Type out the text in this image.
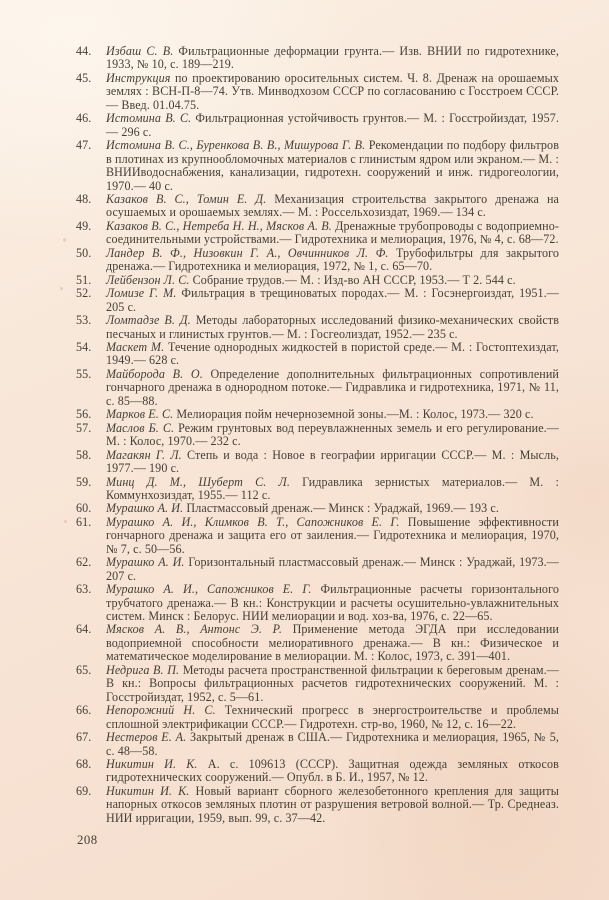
44. Избаш С. В. Фильтрационные деформации грунта.— Изв. ВНИИ по гидротехнике, 1933, № 10, с. 189—219.

45. Инструкция по проектированию оросительных систем. Ч. 8. Дренаж на орошаемых землях : ВСН-П-8—74. Утв. Минводхозом СССР по согласованию с Госстроем СССР.— Введ. 01.04.75.

46. Истомина В. С. Фильтрационная устойчивость грунтов.— М. : Госстройиздат, 1957.— 296 с.

47. Истомина В. С., Буренкова В. В., Мишурова Г. В. Рекомендации по подбору фильтров в плотинах из крупнообломочных материалов с глинистым ядром или экраном.— М. : ВНИИводоснабжения, канализации, гидротехн. сооружений и инж. гидрогеологии, 1970.— 40 с.

48. Казаков В. С., Томин Е. Д. Механизация строительства закрытого дренажа на осушаемых и орошаемых землях.— М. : Россельхозиздат, 1969.— 134 с.

49. Казаков В. С., Нетреба Н. Н., Мясков А. В. Дренажные трубопроводы с водоприемно-соединительными устройствами.— Гидротехника и мелиорация, 1976, № 4, с. 68—72.

50. Ландер В. Ф., Низовкин Г. А., Овчинников Л. Ф. Трубофильтры для закрытого дренажа.— Гидротехника и мелиорация, 1972, № 1, с. 65—70.

51. Лейбензон Л. С. Собрание трудов.— М. : Изд-во АН СССР, 1953.— Т 2. 544 с.

52. Ломизе Г. М. Фильтрация в трещиноватых породах.— М. : Госэнергоиздат, 1951.— 205 с.

53. Ломтадзе В. Д. Методы лабораторных исследований физико-механических свойств песчаных и глинистых грунтов.— М. : Госгеолиздат, 1952.— 235 с.

54. Маскет М. Течение однородных жидкостей в пористой среде.— М. : Гостоптехиздат, 1949.— 628 с.

55. Майборода В. О. Определение дополнительных фильтрационных сопротивлений гончарного дренажа в однородном потоке.— Гидравлика и гидротехника, 1971, № 11, с. 85—88.

56. Марков Е. С. Мелиорация пойм нечерноземной зоны.—М. : Колос, 1973.— 320 с.

57. Маслов Б. С. Режим грунтовых вод переувлажненных земель и его регулирование.— М. : Колос, 1970.— 232 с.

58. Магакян Г. Л. Степь и вода : Новое в географии ирригации СССР.— М. : Мысль, 1977.— 190 с.

59. Минц Д. М., Шуберт С. Л. Гидравлика зернистых материалов.— М. : Коммунхозиздат, 1955.— 112 с.

60. Мурашко А. И. Пластмассовый дренаж.— Минск : Ураджай, 1969.— 193 с.

61. Мурашко А. И., Климков В. Т., Сапожников Е. Г. Повышение эффективности гончарного дренажа и защита его от заиления.— Гидротехника и мелиорация, 1970, № 7, с. 50—56.

62. Мурашко А. И. Горизонтальный пластмассовый дренаж.— Минск : Ураджай, 1973.— 207 с.

63. Мурашко А. И., Сапожников Е. Г. Фильтрационные расчеты горизонтального трубчатого дренажа.— В кн.: Конструкции и расчеты осушительно-увлажнительных систем. Минск : Белорус. НИИ мелиорации и вод. хоз-ва, 1976, с. 22—65.

64. Мясков А. В., Антонс Э. Р. Применение метода ЭГДА при исследовании водоприемной способности мелиоративного дренажа.— В кн.: Физическое и математическое моделирование в мелиорации. М. : Колос, 1973, с. 391—401.

65. Недрига В. П. Методы расчета пространственной фильтрации к береговым дренам.— В кн.: Вопросы фильтрационных расчетов гидротехнических сооружений. М. : Госстройиздат, 1952, с. 5—61.

66. Непорожний Н. С. Технический прогресс в энергостроительстве и проблемы сплошной электрификации СССР.— Гидротехн. стр-во, 1960, № 12, с. 16—22.

67. Нестеров Е. А. Закрытый дренаж в США.— Гидротехника и мелиорация, 1965, № 5, с. 48—58.

68. Никитин И. К. А. с. 109613 (СССР). Защитная одежда земляных откосов гидротехнических сооружений.— Опубл. в Б. И., 1957, № 12.

69. Никитин И. К. Новый вариант сборного железобетонного крепления для защиты напорных откосов земляных плотин от разрушения ветровой волной.— Тр. Среднеаз. НИИ ирригации, 1959, вып. 99, с. 37—42.

208
